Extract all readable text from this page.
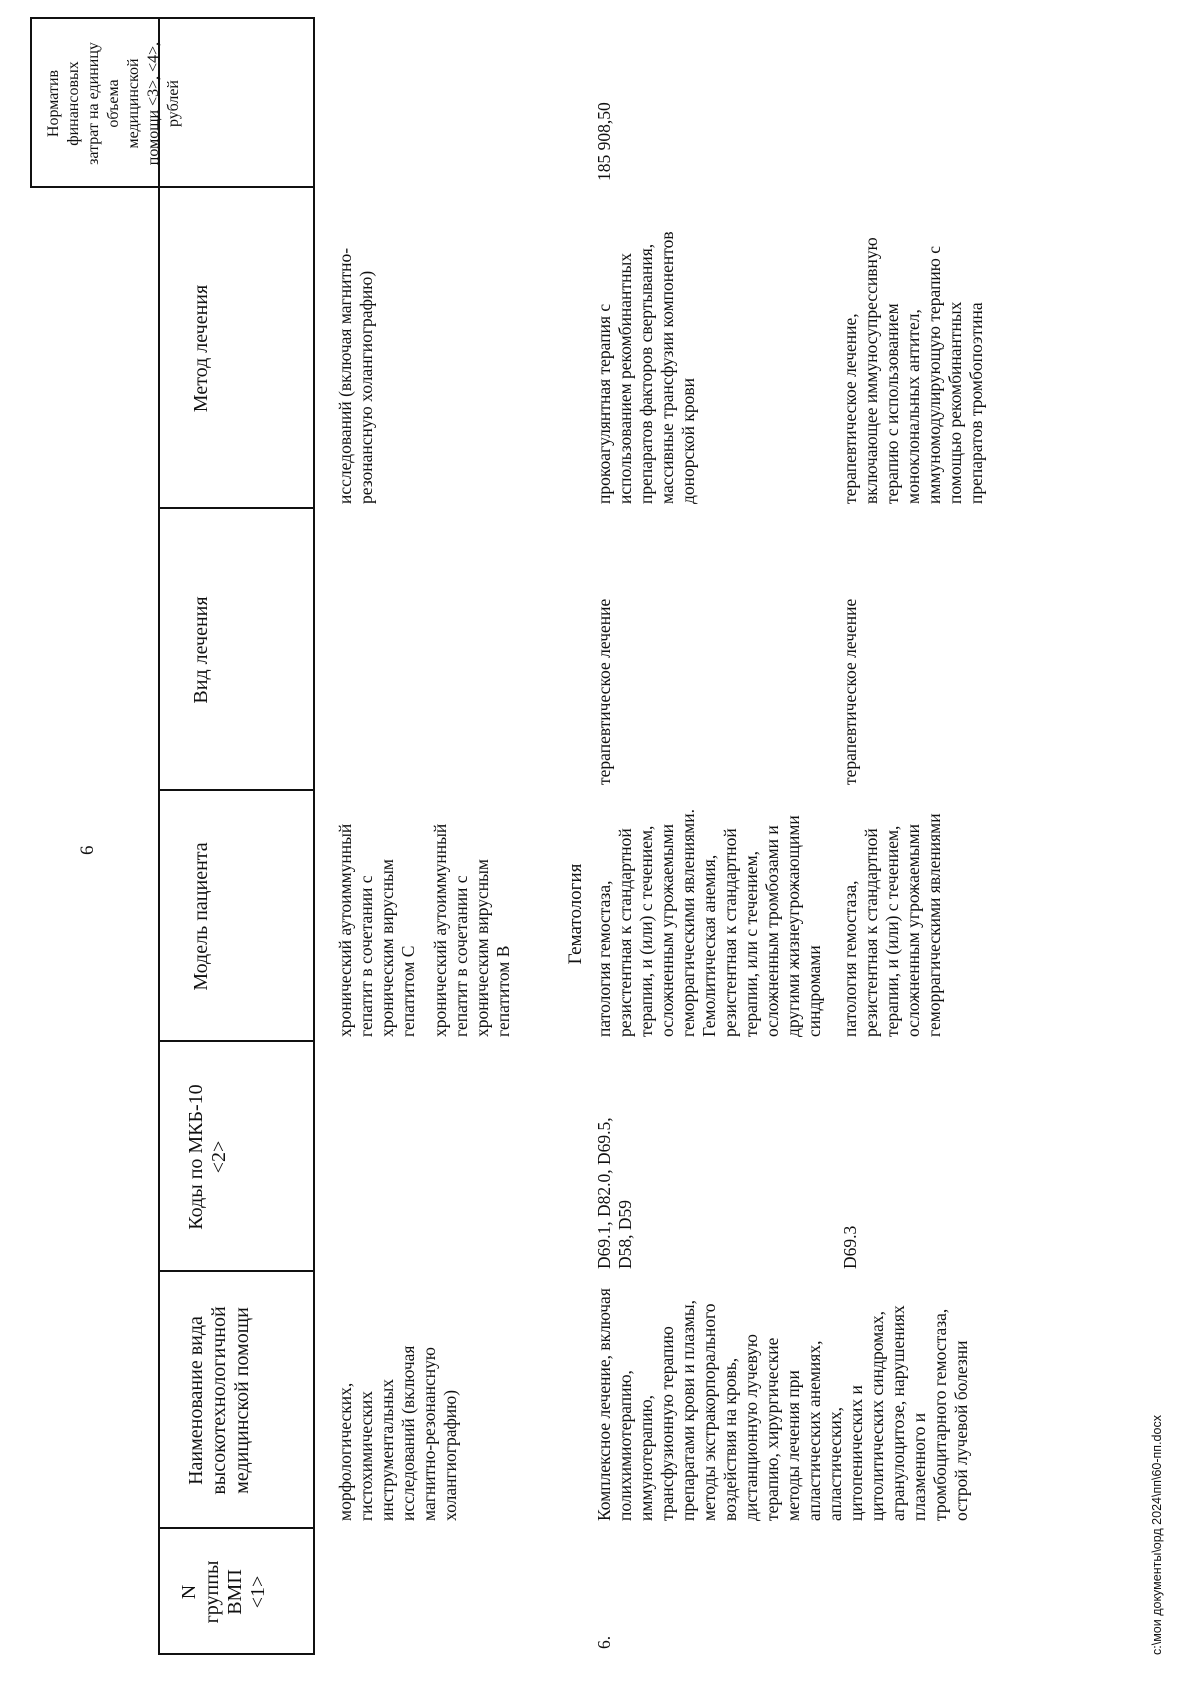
6
N
группы
ВМП
<1>
Наименование вида
высокотехнологичной
медицинской помощи
Коды по МКБ-10
<2>
Модель пациента
Вид лечения
Метод лечения
Норматив
финансовых
затрат на единицу
объема
медицинской
помощи <3>, <4>,
рублей
морфологических,
гистохимических
инструментальных
исследований (включая
магнитно-резонансную
холангиографию)
хронический аутоиммунный
гепатит в сочетании с
хроническим вирусным
гепатитом C хронический аутоиммунный
гепатит в сочетании с
хроническим вирусным
гепатитом B
исследований (включая магнитно-
резонансную холангиографию)
Гематология
6.
Комплексное лечение, включая
полихимиотерапию,
иммунотерапию,
трансфузионную терапию
препаратами крови и плазмы,
методы экстракорпорального
воздействия на кровь,
дистанционную лучевую
терапию, хирургические
методы лечения при
апластических анемиях,
апластических,
цитопенических и
цитолитических синдромах,
агранулоцитозе, нарушениях
плазменного и
тромбоцитарного гемостаза,
острой лучевой болезни
185 908,50
D69.1, D82.0, D69.5,
D58, D59
патология гемостаза,
резистентная к стандартной
терапии, и (или) с течением,
осложненным угрожаемыми
геморрагическими явлениями.
Гемолитическая анемия,
резистентная к стандартной
терапии, или с течением,
осложненным тромбозами и
другими жизнеугрожающими
синдромами
терапевтическое лечение
прокоагулянтная терапия с
использованием рекомбинантных
препаратов факторов свертывания,
массивные трансфузии компонентов
донорской крови
D69.3
патология гемостаза,
резистентная к стандартной
терапии, и (или) с течением,
осложненным угрожаемыми
геморрагическими явлениями
терапевтическое лечение
терапевтическое лечение,
включающее иммуносупрессивную
терапию с использованием
моноклональных антител,
иммуномодулирующую терапию с
помощью рекомбинантных
препаратов тромбопоэтина
c:\мои документы\орд 2024\пп\60-пп.docx
